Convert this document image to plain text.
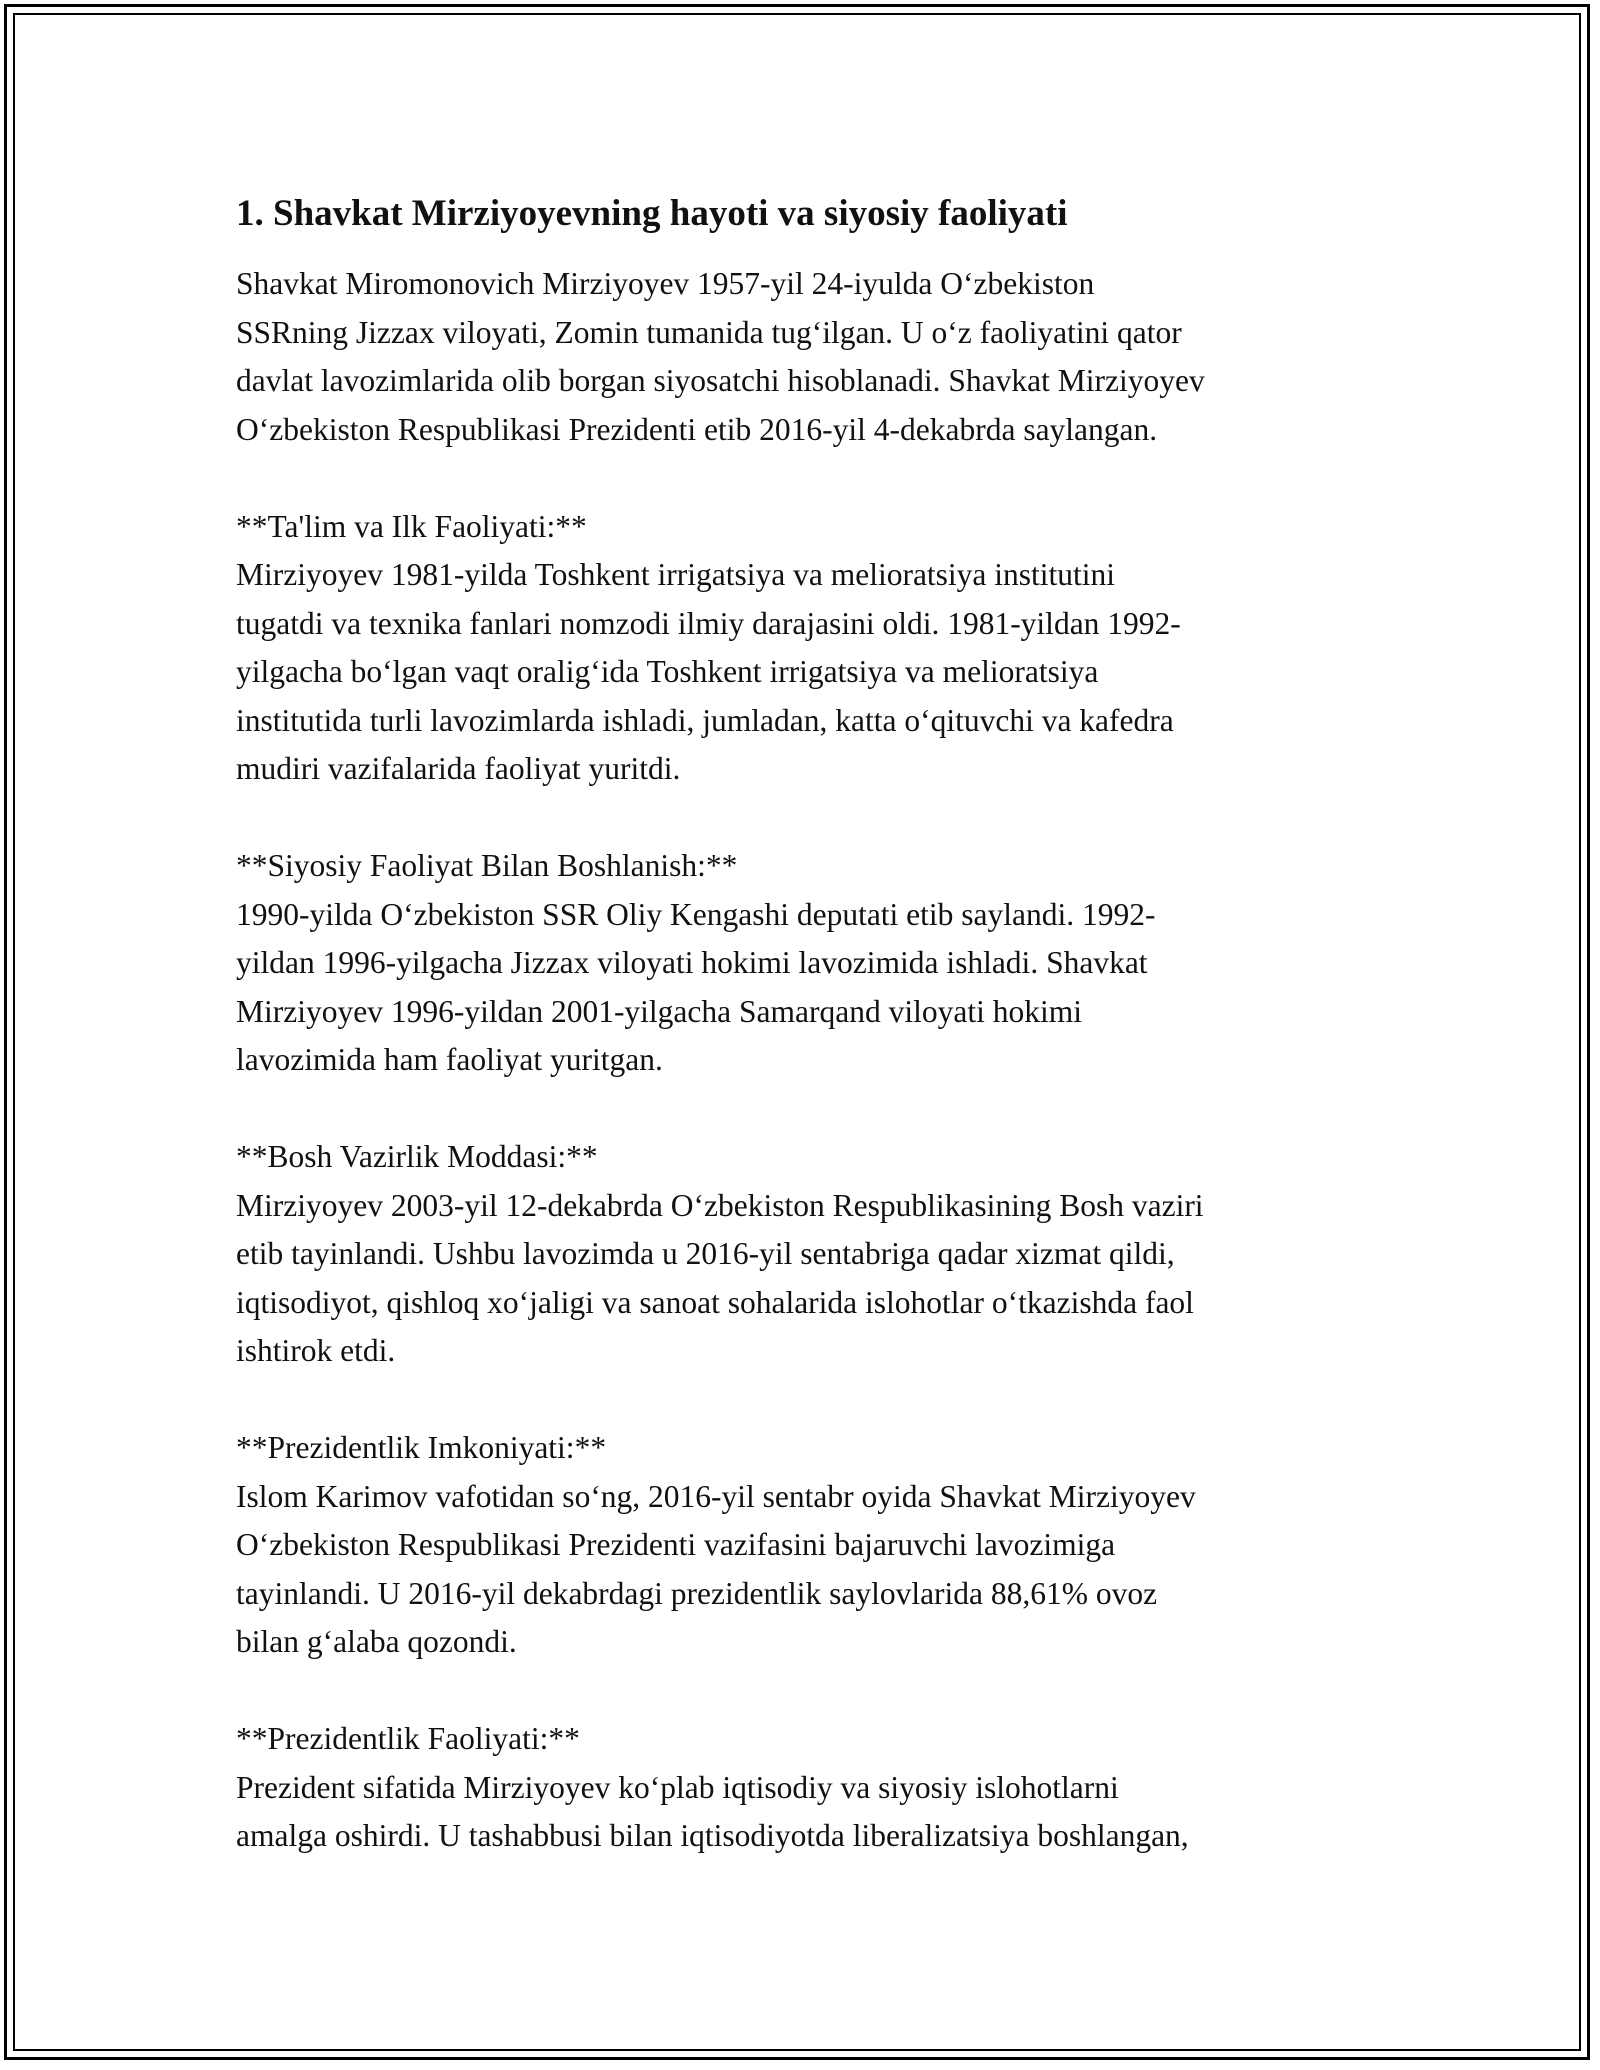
1. Shavkat Mirziyoyevning hayoti va siyosiy faoliyati

Shavkat Miromonovich Mirziyoyev 1957-yil 24-iyulda O‘zbekiston
SSRning Jizzax viloyati, Zomin tumanida tug‘ilgan. U o‘z faoliyatini qator
davlat lavozimlarida olib borgan siyosatchi hisoblanadi. Shavkat Mirziyoyev
O‘zbekiston Respublikasi Prezidenti etib 2016-yil 4-dekabrda saylangan.

**Ta'lim va Ilk Faoliyati:**

Mirziyoyev 1981-yilda Toshkent irrigatsiya va melioratsiya institutini
tugatdi va texnika fanlari nomzodi ilmiy darajasini oldi. 1981-yildan 1992-
yilgacha bo‘lgan vaqt oralig‘ida Toshkent irrigatsiya va melioratsiya
institutida turli lavozimlarda ishladi, jumladan, katta o‘qituvchi va kafedra
mudiri vazifalarida faoliyat yuritdi.

**Siyosiy Faoliyat Bilan Boshlanish:**

1990-yilda O‘zbekiston SSR Oliy Kengashi deputati etib saylandi. 1992-
yildan 1996-yilgacha Jizzax viloyati hokimi lavozimida ishladi. Shavkat
Mirziyoyev 1996-yildan 2001-yilgacha Samarqand viloyati hokimi
lavozimida ham faoliyat yuritgan.

**Bosh Vazirlik Moddasi:**

Mirziyoyev 2003-yil 12-dekabrda O‘zbekiston Respublikasining Bosh vaziri
etib tayinlandi. Ushbu lavozimda u 2016-yil sentabriga qadar xizmat qildi,
iqtisodiyot, qishloq xo‘jaligi va sanoat sohalarida islohotlar o‘tkazishda faol
ishtirok etdi.

**Prezidentlik Imkoniyati:**

Islom Karimov vafotidan so‘ng, 2016-yil sentabr oyida Shavkat Mirziyoyev
O‘zbekiston Respublikasi Prezidenti vazifasini bajaruvchi lavozimiga
tayinlandi. U 2016-yil dekabrdagi prezidentlik saylovlarida 88,61% ovoz
bilan g‘alaba qozondi.

**Prezidentlik Faoliyati:**

Prezident sifatida Mirziyoyev ko‘plab iqtisodiy va siyosiy islohotlarni
amalga oshirdi. U tashabbusi bilan iqtisodiyotda liberalizatsiya boshlangan,
